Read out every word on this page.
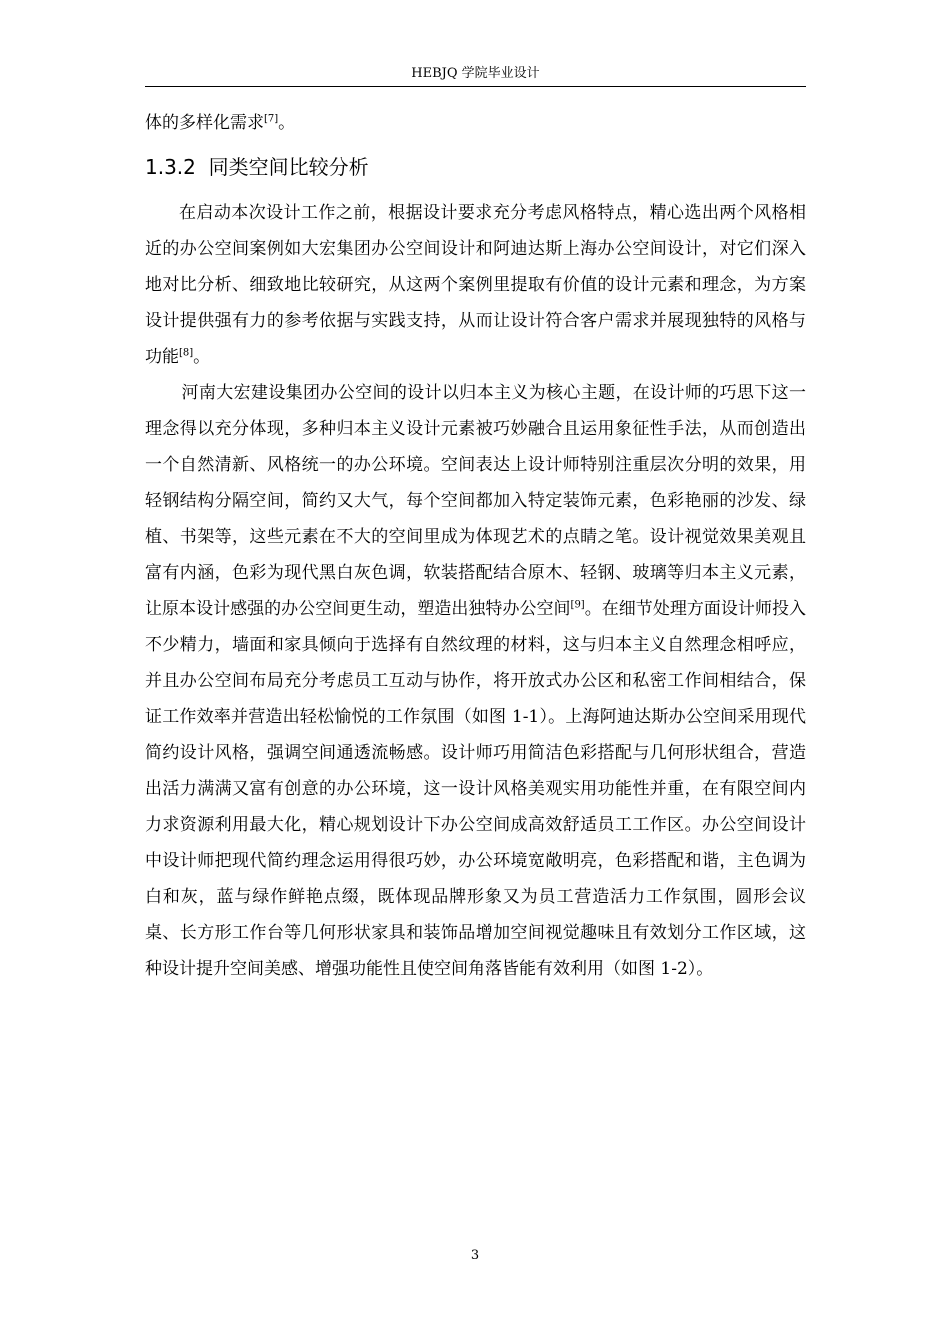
HEBJQ 学院毕业设计

体的多样化需求[7]。

1.3.2 同类空间比较分析

在启动本次设计工作之前，根据设计要求充分考虑风格特点，精心选出两个风格相近的办公空间案例如大宏集团办公空间设计和阿迪达斯上海办公空间设计，对它们深入地对比分析、细致地比较研究，从这两个案例里提取有价值的设计元素和理念，为方案设计提供强有力的参考依据与实践支持，从而让设计符合客户需求并展现独特的风格与功能[8]。

河南大宏建设集团办公空间的设计以归本主义为核心主题，在设计师的巧思下这一理念得以充分体现，多种归本主义设计元素被巧妙融合且运用象征性手法，从而创造出一个自然清新、风格统一的办公环境。空间表达上设计师特别注重层次分明的效果，用轻钢结构分隔空间，简约又大气，每个空间都加入特定装饰元素，色彩艳丽的沙发、绿植、书架等，这些元素在不大的空间里成为体现艺术的点睛之笔。设计视觉效果美观且富有内涵，色彩为现代黑白灰色调，软装搭配结合原木、轻钢、玻璃等归本主义元素，让原本设计感强的办公空间更生动，塑造出独特办公空间[9]。在细节处理方面设计师投入不少精力，墙面和家具倾向于选择有自然纹理的材料，这与归本主义自然理念相呼应，并且办公空间布局充分考虑员工互动与协作，将开放式办公区和私密工作间相结合，保证工作效率并营造出轻松愉悦的工作氛围（如图 1-1）。上海阿迪达斯办公空间采用现代简约设计风格，强调空间通透流畅感。设计师巧用简洁色彩搭配与几何形状组合，营造出活力满满又富有创意的办公环境，这一设计风格美观实用功能性并重，在有限空间内力求资源利用最大化，精心规划设计下办公空间成高效舒适员工工作区。办公空间设计中设计师把现代简约理念运用得很巧妙，办公环境宽敞明亮，色彩搭配和谐，主色调为白和灰，蓝与绿作鲜艳点缀，既体现品牌形象又为员工营造活力工作氛围，圆形会议桌、长方形工作台等几何形状家具和装饰品增加空间视觉趣味且有效划分工作区域，这种设计提升空间美感、增强功能性且使空间角落皆能有效利用（如图 1-2）。

3
